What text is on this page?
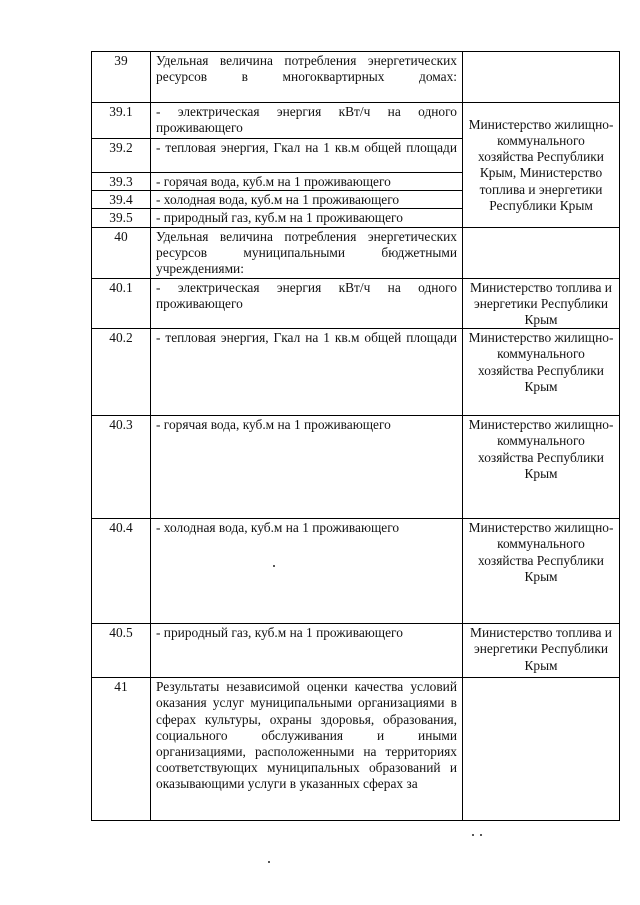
39	Удельная величина потребления энергетических ресурсов в многоквартирных домах:	
39.1	- электрическая энергия кВт/ч на одного проживающего	Министерство жилищно-коммунального хозяйства Республики Крым, Министерство топлива и энергетики Республики Крым
39.2	- тепловая энергия, Гкал на 1 кв.м общей площади	
39.3	- горячая вода, куб.м на 1 проживающего	
39.4	- холодная вода, куб.м на 1 проживающего	
39.5	- природный газ, куб.м на 1 проживающего	
40	Удельная величина потребления энергетических ресурсов муниципальными бюджетными учреждениями:	
40.1	- электрическая энергия кВт/ч на одного проживающего	Министерство топлива и энергетики Республики Крым
40.2	- тепловая энергия, Гкал на 1 кв.м общей площади	Министерство жилищно-коммунального хозяйства Республики Крым
40.3	- горячая вода, куб.м на 1 проживающего	Министерство жилищно-коммунального хозяйства Республики Крым
40.4	- холодная вода, куб.м на 1 проживающего	Министерство жилищно-коммунального хозяйства Республики Крым
40.5	- природный газ, куб.м на 1 проживающего	Министерство топлива и энергетики Республики Крым
41	Результаты независимой оценки качества условий оказания услуг муниципальными организациями в сферах культуры, охраны здоровья, образования, социального обслуживания и иными организациями, расположенными на территориях соответствующих муниципальных образований и оказывающими услуги в указанных сферах за	
